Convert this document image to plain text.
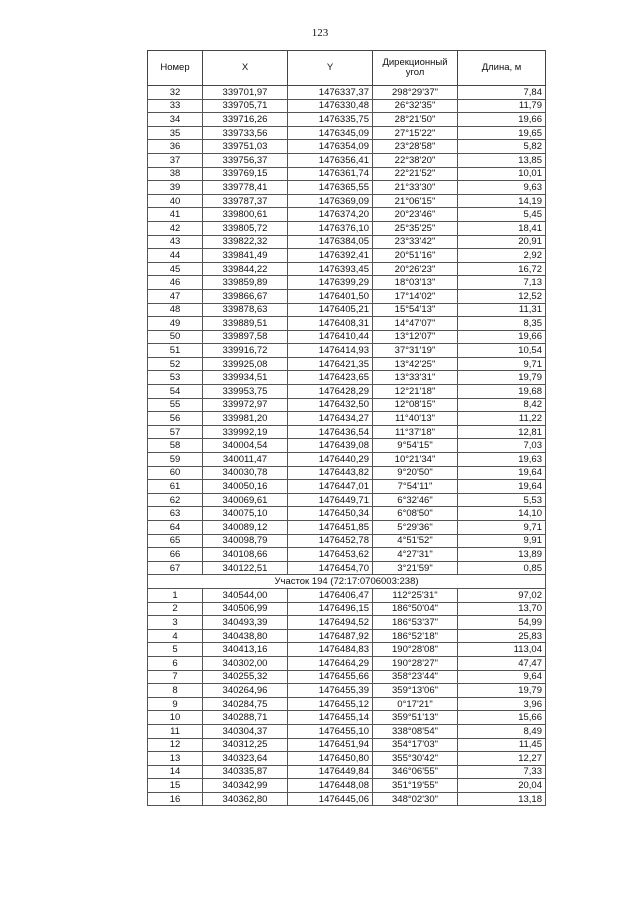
123
Номер	X	Y	Дирекционный угол	Длина, м
32	339701,97	1476337,37	298°29'37"	7,84
33	339705,71	1476330,48	26°32'35"	11,79
34	339716,26	1476335,75	28°21'50"	19,66
35	339733,56	1476345,09	27°15'22"	19,65
36	339751,03	1476354,09	23°28'58"	5,82
37	339756,37	1476356,41	22°38'20"	13,85
38	339769,15	1476361,74	22°21'52"	10,01
39	339778,41	1476365,55	21°33'30"	9,63
40	339787,37	1476369,09	21°06'15"	14,19
41	339800,61	1476374,20	20°23'46"	5,45
42	339805,72	1476376,10	25°35'25"	18,41
43	339822,32	1476384,05	23°33'42"	20,91
44	339841,49	1476392,41	20°51'16"	2,92
45	339844,22	1476393,45	20°26'23"	16,72
46	339859,89	1476399,29	18°03'13"	7,13
47	339866,67	1476401,50	17°14'02"	12,52
48	339878,63	1476405,21	15°54'13"	11,31
49	339889,51	1476408,31	14°47'07"	8,35
50	339897,58	1476410,44	13°12'07"	19,66
51	339916,72	1476414,93	37°31'19"	10,54
52	339925,08	1476421,35	13°42'25"	9,71
53	339934,51	1476423,65	13°33'31"	19,79
54	339953,75	1476428,29	12°21'18"	19,68
55	339972,97	1476432,50	12°08'15"	8,42
56	339981,20	1476434,27	11°40'13"	11,22
57	339992,19	1476436,54	11°37'18"	12,81
58	340004,54	1476439,08	9°54'15"	7,03
59	340011,47	1476440,29	10°21'34"	19,63
60	340030,78	1476443,82	9°20'50"	19,64
61	340050,16	1476447,01	7°54'11"	19,64
62	340069,61	1476449,71	6°32'46"	5,53
63	340075,10	1476450,34	6°08'50"	14,10
64	340089,12	1476451,85	5°29'36"	9,71
65	340098,79	1476452,78	4°51'52"	9,91
66	340108,66	1476453,62	4°27'31"	13,89
67	340122,51	1476454,70	3°21'59"	0,85
Участок 194 (72:17:0706003:238)				
1	340544,00	1476406,47	112°25'31"	97,02
2	340506,99	1476496,15	186°50'04"	13,70
3	340493,39	1476494,52	186°53'37"	54,99
4	340438,80	1476487,92	186°52'18"	25,83
5	340413,16	1476484,83	190°28'08"	113,04
6	340302,00	1476464,29	190°28'27"	47,47
7	340255,32	1476455,66	358°23'44"	9,64
8	340264,96	1476455,39	359°13'06"	19,79
9	340284,75	1476455,12	0°17'21"	3,96
10	340288,71	1476455,14	359°51'13"	15,66
11	340304,37	1476455,10	338°08'54"	8,49
12	340312,25	1476451,94	354°17'03"	11,45
13	340323,64	1476450,80	355°30'42"	12,27
14	340335,87	1476449,84	346°06'55"	7,33
15	340342,99	1476448,08	351°19'55"	20,04
16	340362,80	1476445,06	348°02'30"	13,18
